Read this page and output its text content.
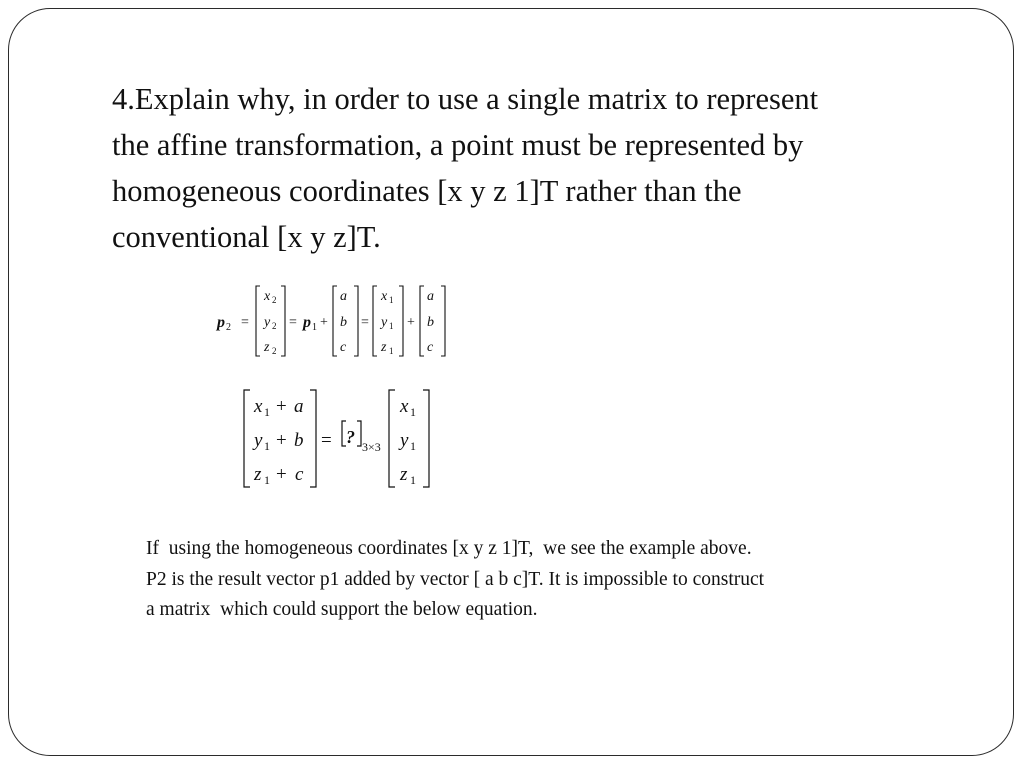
4.Explain why, in order to use a single matrix to represent
the affine transformation, a point must be represented by
homogeneous coordinates [x y z 1]T rather than the
conventional [x y z]T.

p 2 =
x 2
y 2
z 2
= p 1 +
a
b
c
=
x 1
y 1
z 1
+
a
b
c
x 1 + a
y 1 + b
z 1 + c
= ? 3×3
x 1
y 1
z 1

If  using the homogeneous coordinates [x y z 1]T,  we see the example above.
P2 is the result vector p1 added by vector [ a b c]T. It is impossible to construct
a matrix  which could support the below equation.
